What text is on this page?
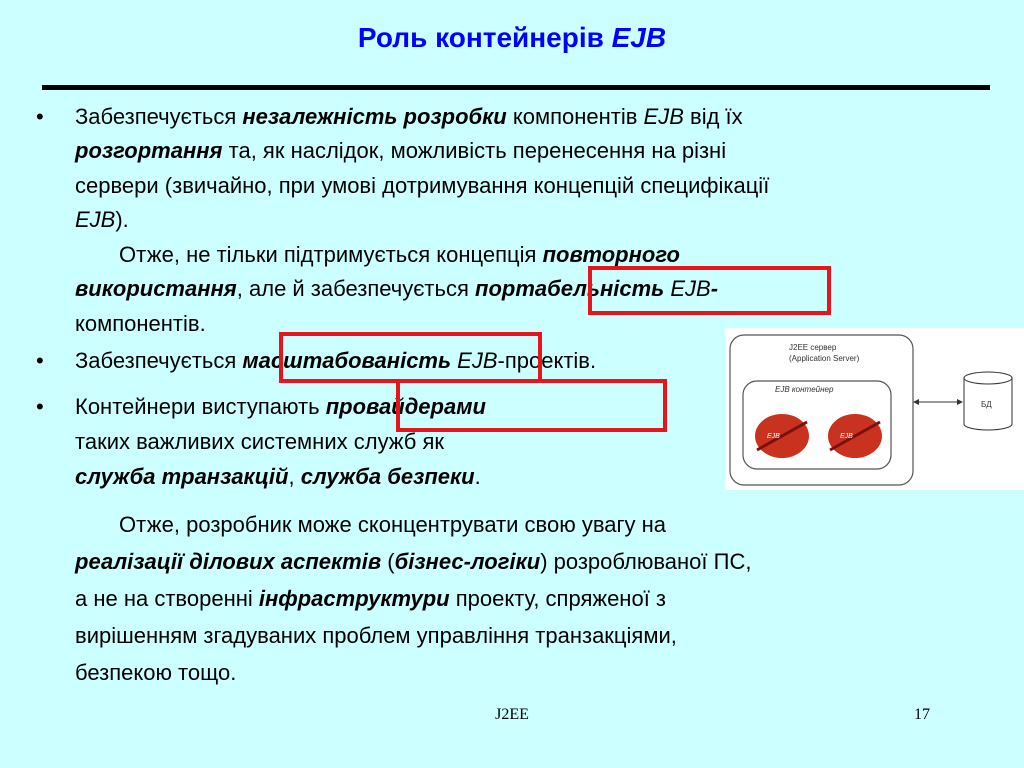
Роль контейнерів EJB
• Забезпечується незалежність розробки компонентів EJB від їх
розгортання та, як наслідок, можливість перенесення на різні
сервери (звичайно, при умові дотримування концепцій специфікації
EJB).
Отже, не тільки підтримується концепція повторного
використання, але й забезпечується портабельність EJB-
компонентів.
• Забезпечується масштабованість EJB-проектів.
• Контейнери виступають провайдерами
таких важливих системних служб як
служба транзакцій, служба безпеки.
Отже, розробник може сконцентрувати свою увагу на
реалізації ділових аспектів (бізнес-логіки) розроблюваної ПС,
а не на створенні інфраструктури проекту, спряженої з
вирішенням згадуваних проблем управління транзакціями,
безпекою тощо.
J2EE сервер
(Application Server)
EJB контейнер
EJB	EJB
БД
J2EE	17
